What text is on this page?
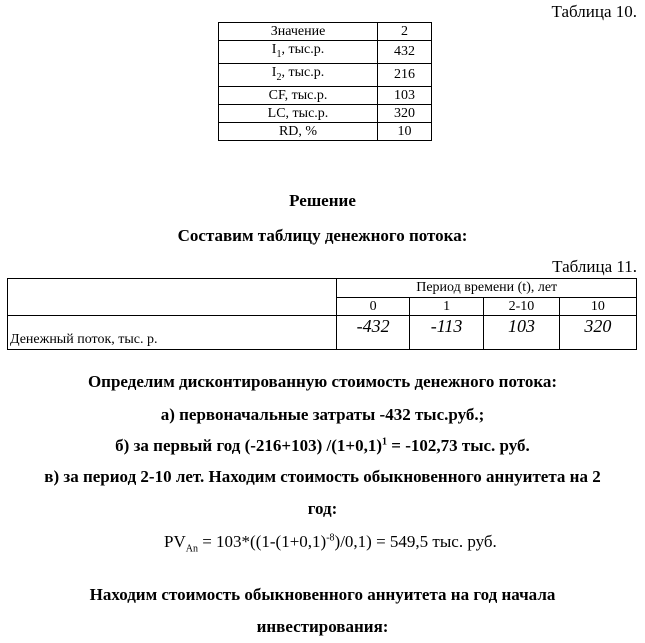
Таблица 10.
Значение	2
$I_1$, тыс.р.	432
$I_2$, тыс.р.	216
CF, тыс.р.	103
LC, тыс.р.	320
RD, %	10
Решение
Составим таблицу денежного потока:
Таблица 11.
	Период времени (t), лет			
	0	1	2-10	10
Денежный поток, тыс. р.	-432	-113	103	320
Определим дисконтированную стоимость денежного потока:
а) первоначальные затраты -432 тыс.руб.;
б) за первый год (-216+103) $/(1+0,1)^1 = -102,73$ тыс. руб.
в) за период 2-10 лет. Находим стоимость обыкновенного аннуитета на 2
год:
$PV_{An} = 103*((1-(1+0,1)^{-8})/0,1) = 549,5$ тыс. руб.
Находим стоимость обыкновенного аннуитета на год начала
инвестирования:
